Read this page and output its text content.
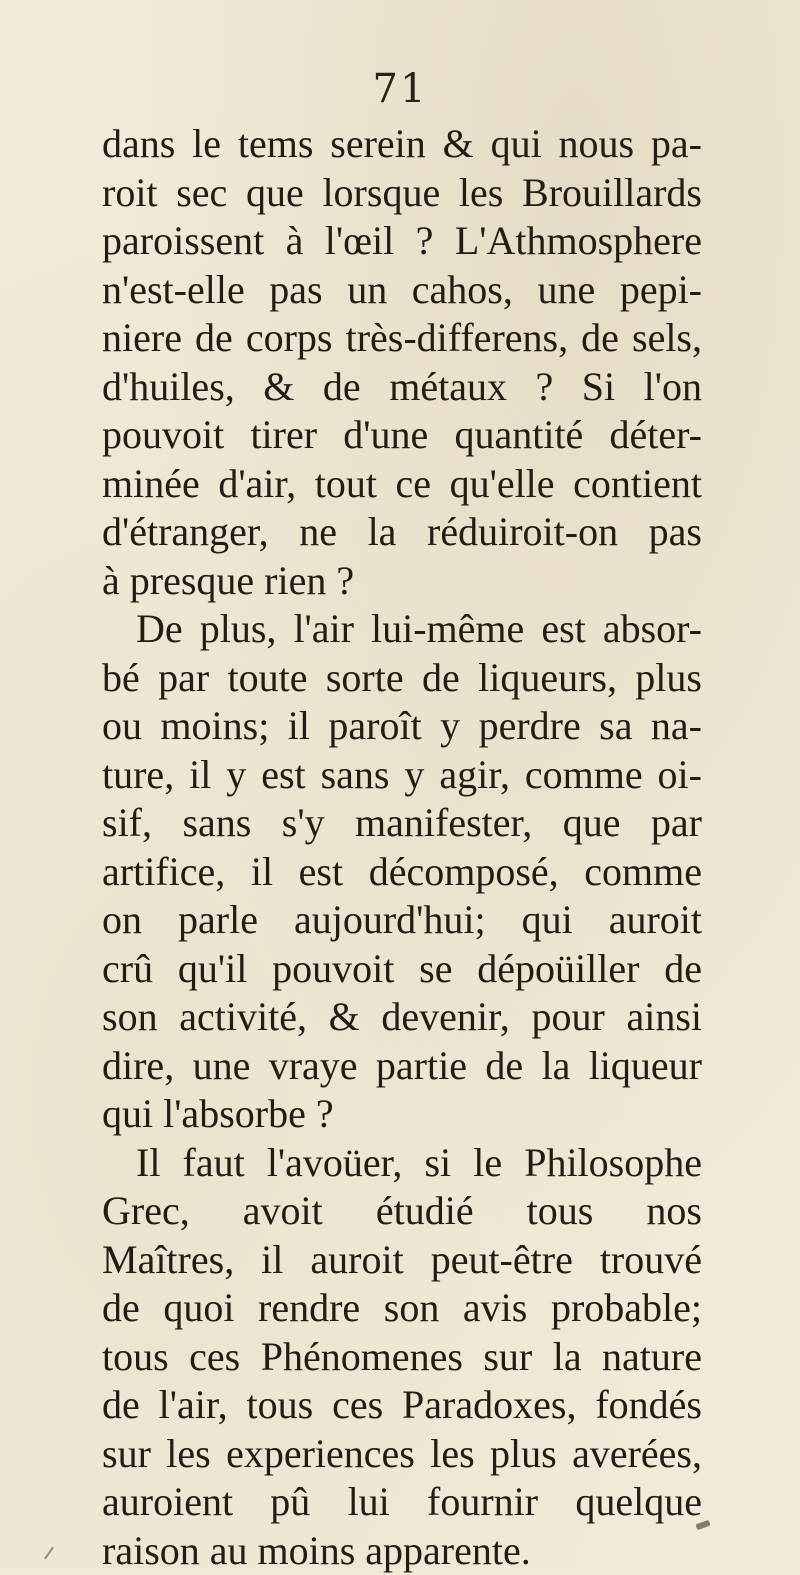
71
dans le tems serein & qui nous pa-
roit sec que lorsque les Brouillards
paroissent à l'œil ? L'Athmosphere
n'est-elle pas un cahos, une pepi-
niere de corps très-differens, de sels,
d'huiles, & de métaux ? Si l'on
pouvoit tirer d'une quantité déter-
minée d'air, tout ce qu'elle contient
d'étranger, ne la réduiroit-on pas
à presque rien ?
De plus, l'air lui-même est absor-
bé par toute sorte de liqueurs, plus
ou moins; il paroît y perdre sa na-
ture, il y est sans y agir, comme oi-
sif, sans s'y manifester, que par
artifice, il est décomposé, comme
on parle aujourd'hui; qui auroit
crû qu'il pouvoit se dépoüiller de
son activité, & devenir, pour ainsi
dire, une vraye partie de la liqueur
qui l'absorbe ?
Il faut l'avoüer, si le Philosophe
Grec, avoit étudié tous nos
Maîtres, il auroit peut-être trouvé
de quoi rendre son avis probable;
tous ces Phénomenes sur la nature
de l'air, tous ces Paradoxes, fondés
sur les experiences les plus averées,
auroient pû lui fournir quelque
raison au moins apparente.
